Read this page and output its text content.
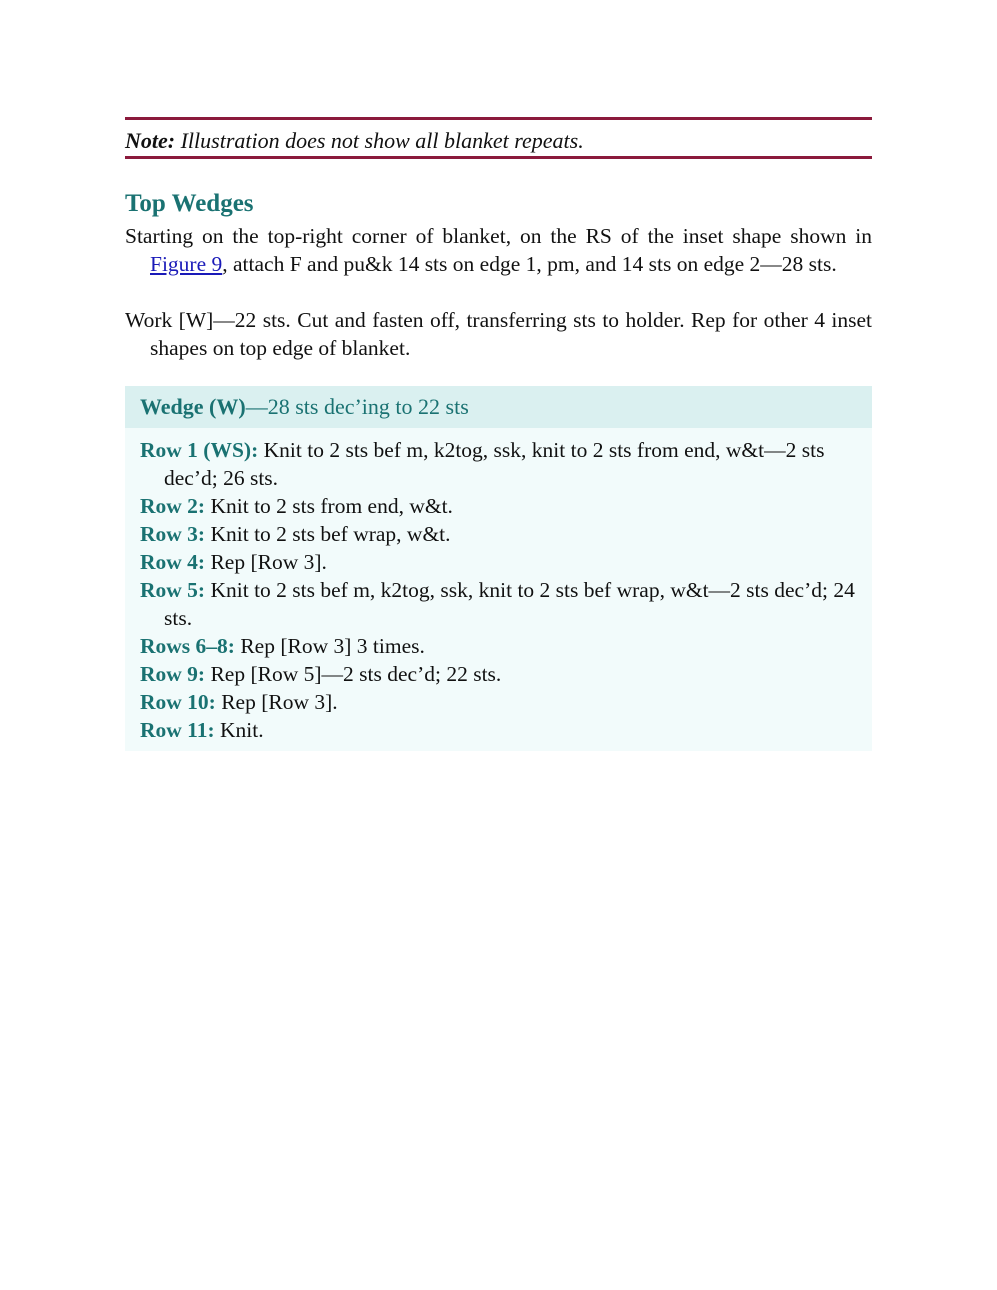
Note: Illustration does not show all blanket repeats.
Top Wedges

Starting on the top-right corner of blanket, on the RS of the inset shape shown in Figure 9, attach F and pu&k 14 sts on edge 1, pm, and 14 sts on edge 2—28 sts.

Work [W]—22 sts. Cut and fasten off, transferring sts to holder. Rep for other 4 inset shapes on top edge of blanket.

Wedge (W)—28 sts dec’ing to 22 sts

Row 1 (WS): Knit to 2 sts bef m, k2tog, ssk, knit to 2 sts from end, w&t—2 sts dec’d; 26 sts.

Row 2: Knit to 2 sts from end, w&t.

Row 3: Knit to 2 sts bef wrap, w&t.

Row 4: Rep [Row 3].

Row 5: Knit to 2 sts bef m, k2tog, ssk, knit to 2 sts bef wrap, w&t—2 sts dec’d; 24 sts.

Rows 6–8: Rep [Row 3] 3 times.

Row 9: Rep [Row 5]—2 sts dec’d; 22 sts.

Row 10: Rep [Row 3].

Row 11: Knit.
